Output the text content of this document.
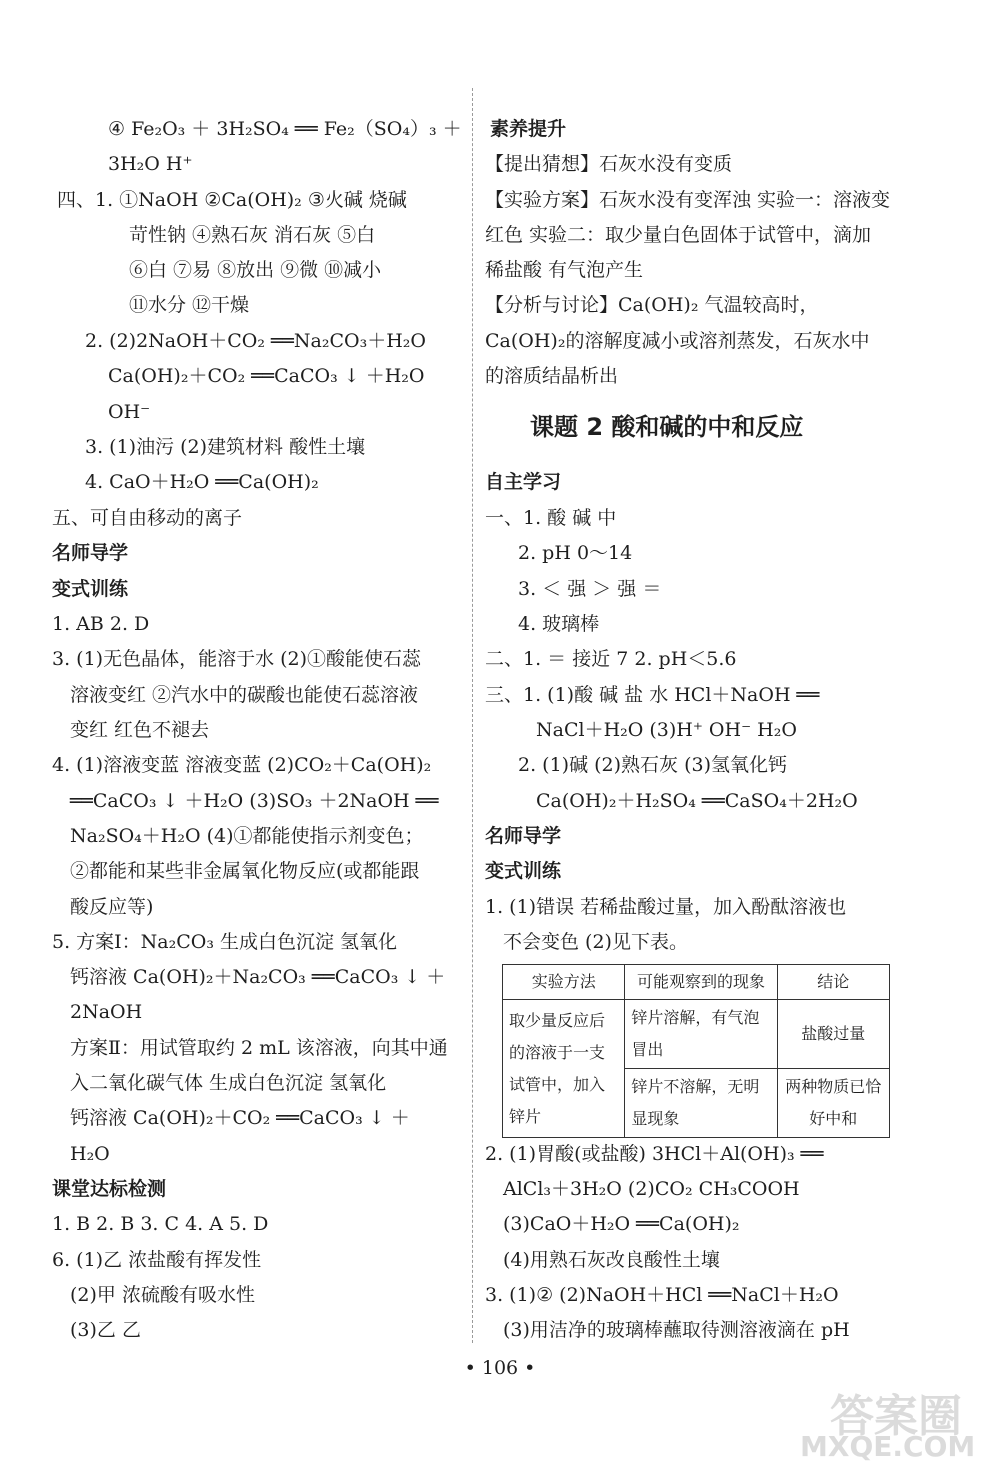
④ Fe₂O₃ ＋ 3H₂SO₄ ══ Fe₂（SO₄）₃ ＋
3H₂O H⁺
四、1. ①NaOH ②Ca(OH)₂ ③火碱 烧碱
苛性钠 ④熟石灰 消石灰 ⑤白
⑥白 ⑦易 ⑧放出 ⑨微 ⑩减小
⑪水分 ⑫干燥
2. (2)2NaOH＋CO₂ ══Na₂CO₃＋H₂O
Ca(OH)₂＋CO₂ ══CaCO₃ ↓ ＋H₂O
OH⁻
3. (1)油污 (2)建筑材料 酸性土壤
4. CaO＋H₂O ══Ca(OH)₂
五、可自由移动的离子
名师导学
变式训练
1. AB 2. D
3. (1)无色晶体，能溶于水 (2)①酸能使石蕊
溶液变红 ②汽水中的碳酸也能使石蕊溶液
变红 红色不褪去
4. (1)溶液变蓝 溶液变蓝 (2)CO₂＋Ca(OH)₂
══CaCO₃ ↓ ＋H₂O (3)SO₃ ＋2NaOH ══
Na₂SO₄＋H₂O (4)①都能使指示剂变色；
②都能和某些非金属氧化物反应(或都能跟
酸反应等)
5. 方案Ⅰ：Na₂CO₃ 生成白色沉淀 氢氧化
钙溶液 Ca(OH)₂＋Na₂CO₃ ══CaCO₃ ↓ ＋
2NaOH
方案Ⅱ：用试管取约 2 mL 该溶液，向其中通
入二氧化碳气体 生成白色沉淀 氢氧化
钙溶液 Ca(OH)₂＋CO₂ ══CaCO₃ ↓ ＋
H₂O
课堂达标检测
1. B 2. B 3. C 4. A 5. D
6. (1)乙 浓盐酸有挥发性
(2)甲 浓硫酸有吸水性
(3)乙 乙
实验方法	可能观察到的现象	结论
取少量反应后的溶液于一支试管中，加入锌片	锌片溶解，有气泡冒出	盐酸过量
	锌片不溶解，无明显现象	两种物质已恰好中和
素养提升
【提出猜想】石灰水没有变质
【实验方案】石灰水没有变浑浊 实验一：溶液变
红色 实验二：取少量白色固体于试管中，滴加
稀盐酸 有气泡产生
【分析与讨论】Ca(OH)₂ 气温较高时，
Ca(OH)₂的溶解度减小或溶剂蒸发，石灰水中
的溶质结晶析出
课题 2 酸和碱的中和反应
自主学习
一、1. 酸 碱 中
2. pH 0～14
3. ＜ 强 ＞ 强 ＝
4. 玻璃棒
二、1. ＝ 接近 7 2. pH＜5.6
三、1. (1)酸 碱 盐 水 HCl＋NaOH ══
NaCl＋H₂O (3)H⁺ OH⁻ H₂O
2. (1)碱 (2)熟石灰 (3)氢氧化钙
Ca(OH)₂＋H₂SO₄ ══CaSO₄＋2H₂O
名师导学
变式训练
1. (1)错误 若稀盐酸过量，加入酚酞溶液也
不会变色 (2)见下表。
2. (1)胃酸(或盐酸) 3HCl＋Al(OH)₃ ══
AlCl₃＋3H₂O (2)CO₂ CH₃COOH
(3)CaO＋H₂O ══Ca(OH)₂
(4)用熟石灰改良酸性土壤
3. (1)② (2)NaOH＋HCl ══NaCl＋H₂O
(3)用洁净的玻璃棒蘸取待测溶液滴在 pH
• 106 •
答案圈
MXQE.COM
